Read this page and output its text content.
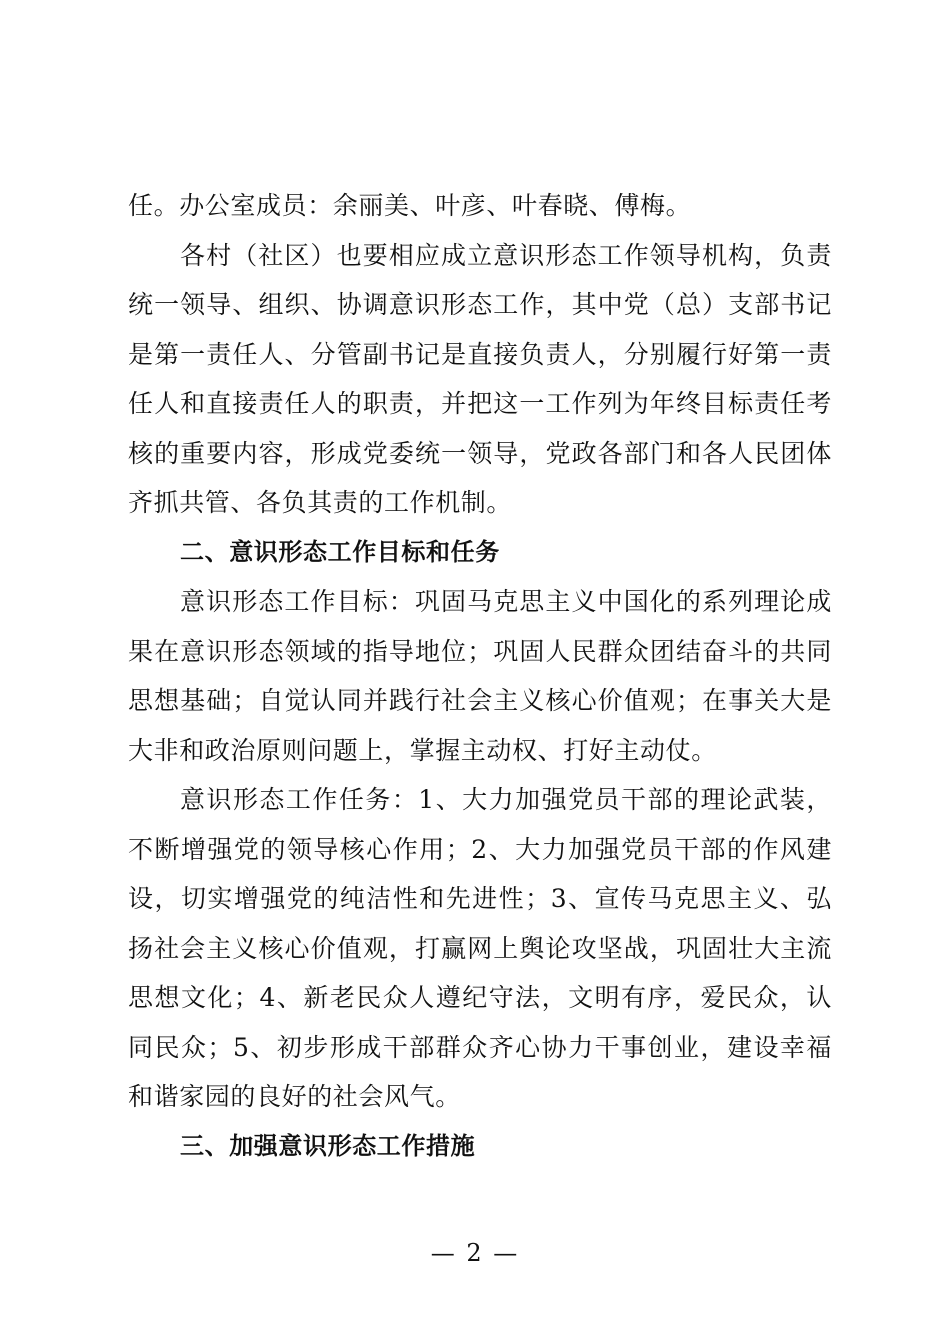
任。办公室成员：余丽美、叶彦、叶春晓、傅梅。

各村（社区）也要相应成立意识形态工作领导机构，负责统一领导、组织、协调意识形态工作，其中党（总）支部书记是第一责任人、分管副书记是直接负责人，分别履行好第一责任人和直接责任人的职责，并把这一工作列为年终目标责任考核的重要内容，形成党委统一领导，党政各部门和各人民团体齐抓共管、各负其责的工作机制。

二、意识形态工作目标和任务

意识形态工作目标：巩固马克思主义中国化的系列理论成果在意识形态领域的指导地位；巩固人民群众团结奋斗的共同思想基础；自觉认同并践行社会主义核心价值观；在事关大是大非和政治原则问题上，掌握主动权、打好主动仗。

意识形态工作任务：1、大力加强党员干部的理论武装，不断增强党的领导核心作用；2、大力加强党员干部的作风建设，切实增强党的纯洁性和先进性；3、宣传马克思主义、弘扬社会主义核心价值观，打赢网上舆论攻坚战，巩固壮大主流思想文化；4、新老民众人遵纪守法，文明有序，爱民众，认同民众；5、初步形成干部群众齐心协力干事创业，建设幸福和谐家园的良好的社会风气。

三、加强意识形态工作措施

— 2 —
